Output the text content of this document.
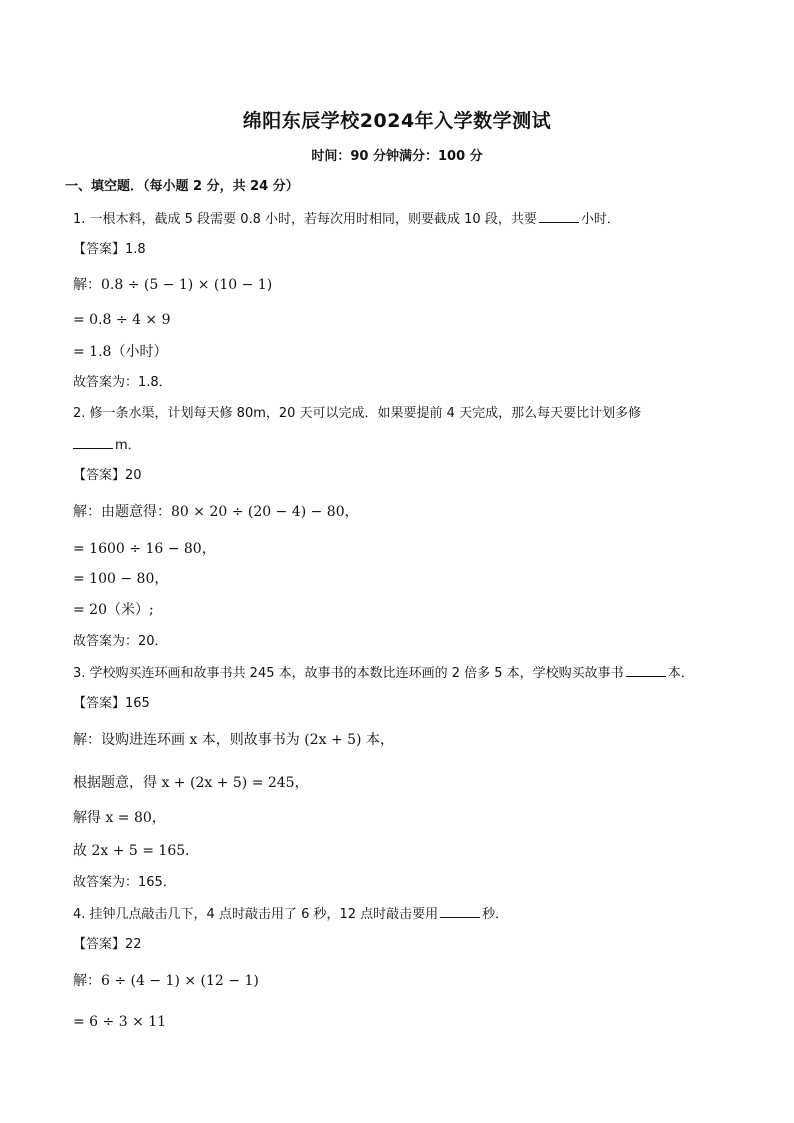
绵阳东辰学校2024年入学数学测试
时间：90 分钟满分：100 分
一、填空题．（每小题 2 分，共 24 分）
1. 一根木料，截成 5 段需要 0.8 小时，若每次用时相同，则要截成 10 段，共要	小时．
【答案】1.8
解：0.8 ÷ (5 − 1) × (10 − 1)
= 0.8 ÷ 4 × 9
= 1.8（小时）
故答案为：1.8．
2. 修一条水渠，计划每天修 80m，20 天可以完成．如果要提前 4 天完成，那么每天要比计划多修
m．
【答案】20
解：由题意得：80 × 20 ÷ (20 − 4) − 80，
= 1600 ÷ 16 − 80，
= 100 − 80，
= 20（米）;
故答案为：20．
3. 学校购买连环画和故事书共 245 本，故事书的本数比连环画的 2 倍多 5 本，学校购买故事书	本．
【答案】165
解：设购进连环画 x 本，则故事书为 (2x + 5) 本，
根据题意，得 x + (2x + 5) = 245，
解得 x = 80，
故 2x + 5 = 165．
故答案为：165．
4. 挂钟几点敲击几下，4 点时敲击用了 6 秒，12 点时敲击要用	秒．
【答案】22
解：6 ÷ (4 − 1) × (12 − 1)
= 6 ÷ 3 × 11
